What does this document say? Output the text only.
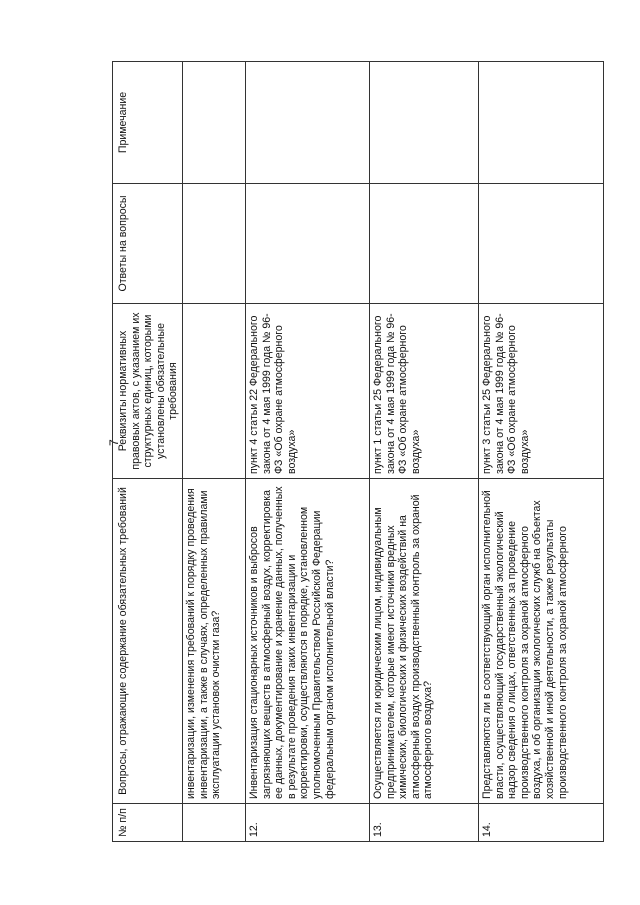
7
№ п/п	Вопросы, отражающие содержание обязательных требований	Реквизиты нормативных правовых актов, с указанием их структурных единиц, которыми установлены обязательные требования	Ответы на вопросы	Примечание
	инвентаризации, изменения требований к порядку проведения инвентаризации, а также в случаях, определенных правилами эксплуатации установок очистки газа?			
12.	Инвентаризация стационарных источников и выбросов загрязняющих веществ в атмосферный воздух, корректировка ее данных, документирование и хранение данных, полученных в результате проведения таких инвентаризации и корректировки, осуществляются в порядке, установленном уполномоченным Правительством Российской Федерации федеральным органом исполнительной власти?	пункт 4 статьи 22 Федерального закона от 4 мая 1999 года № 96-ФЗ «Об охране атмосферного воздуха»		
13.	Осуществляется ли юридическим лицом, индивидуальным предпринимателем, которые имеют источники вредных химических, биологических и физических воздействий на атмосферный воздух производственный контроль за охраной атмосферного воздуха?	пункт 1 статьи 25 Федерального закона от 4 мая 1999 года № 96-ФЗ «Об охране атмосферного воздуха»		
14.	Представляются ли в соответствующий орган исполнительной власти, осуществляющий государственный экологический надзор сведения о лицах, ответственных за проведение производственного контроля за охраной атмосферного воздуха, и об организации экологических служб на объектах хозяйственной и иной деятельности, а также результаты производственного контроля за охраной атмосферного	пункт 3 статьи 25 Федерального закона от 4 мая 1999 года № 96-ФЗ «Об охране атмосферного воздуха»		
